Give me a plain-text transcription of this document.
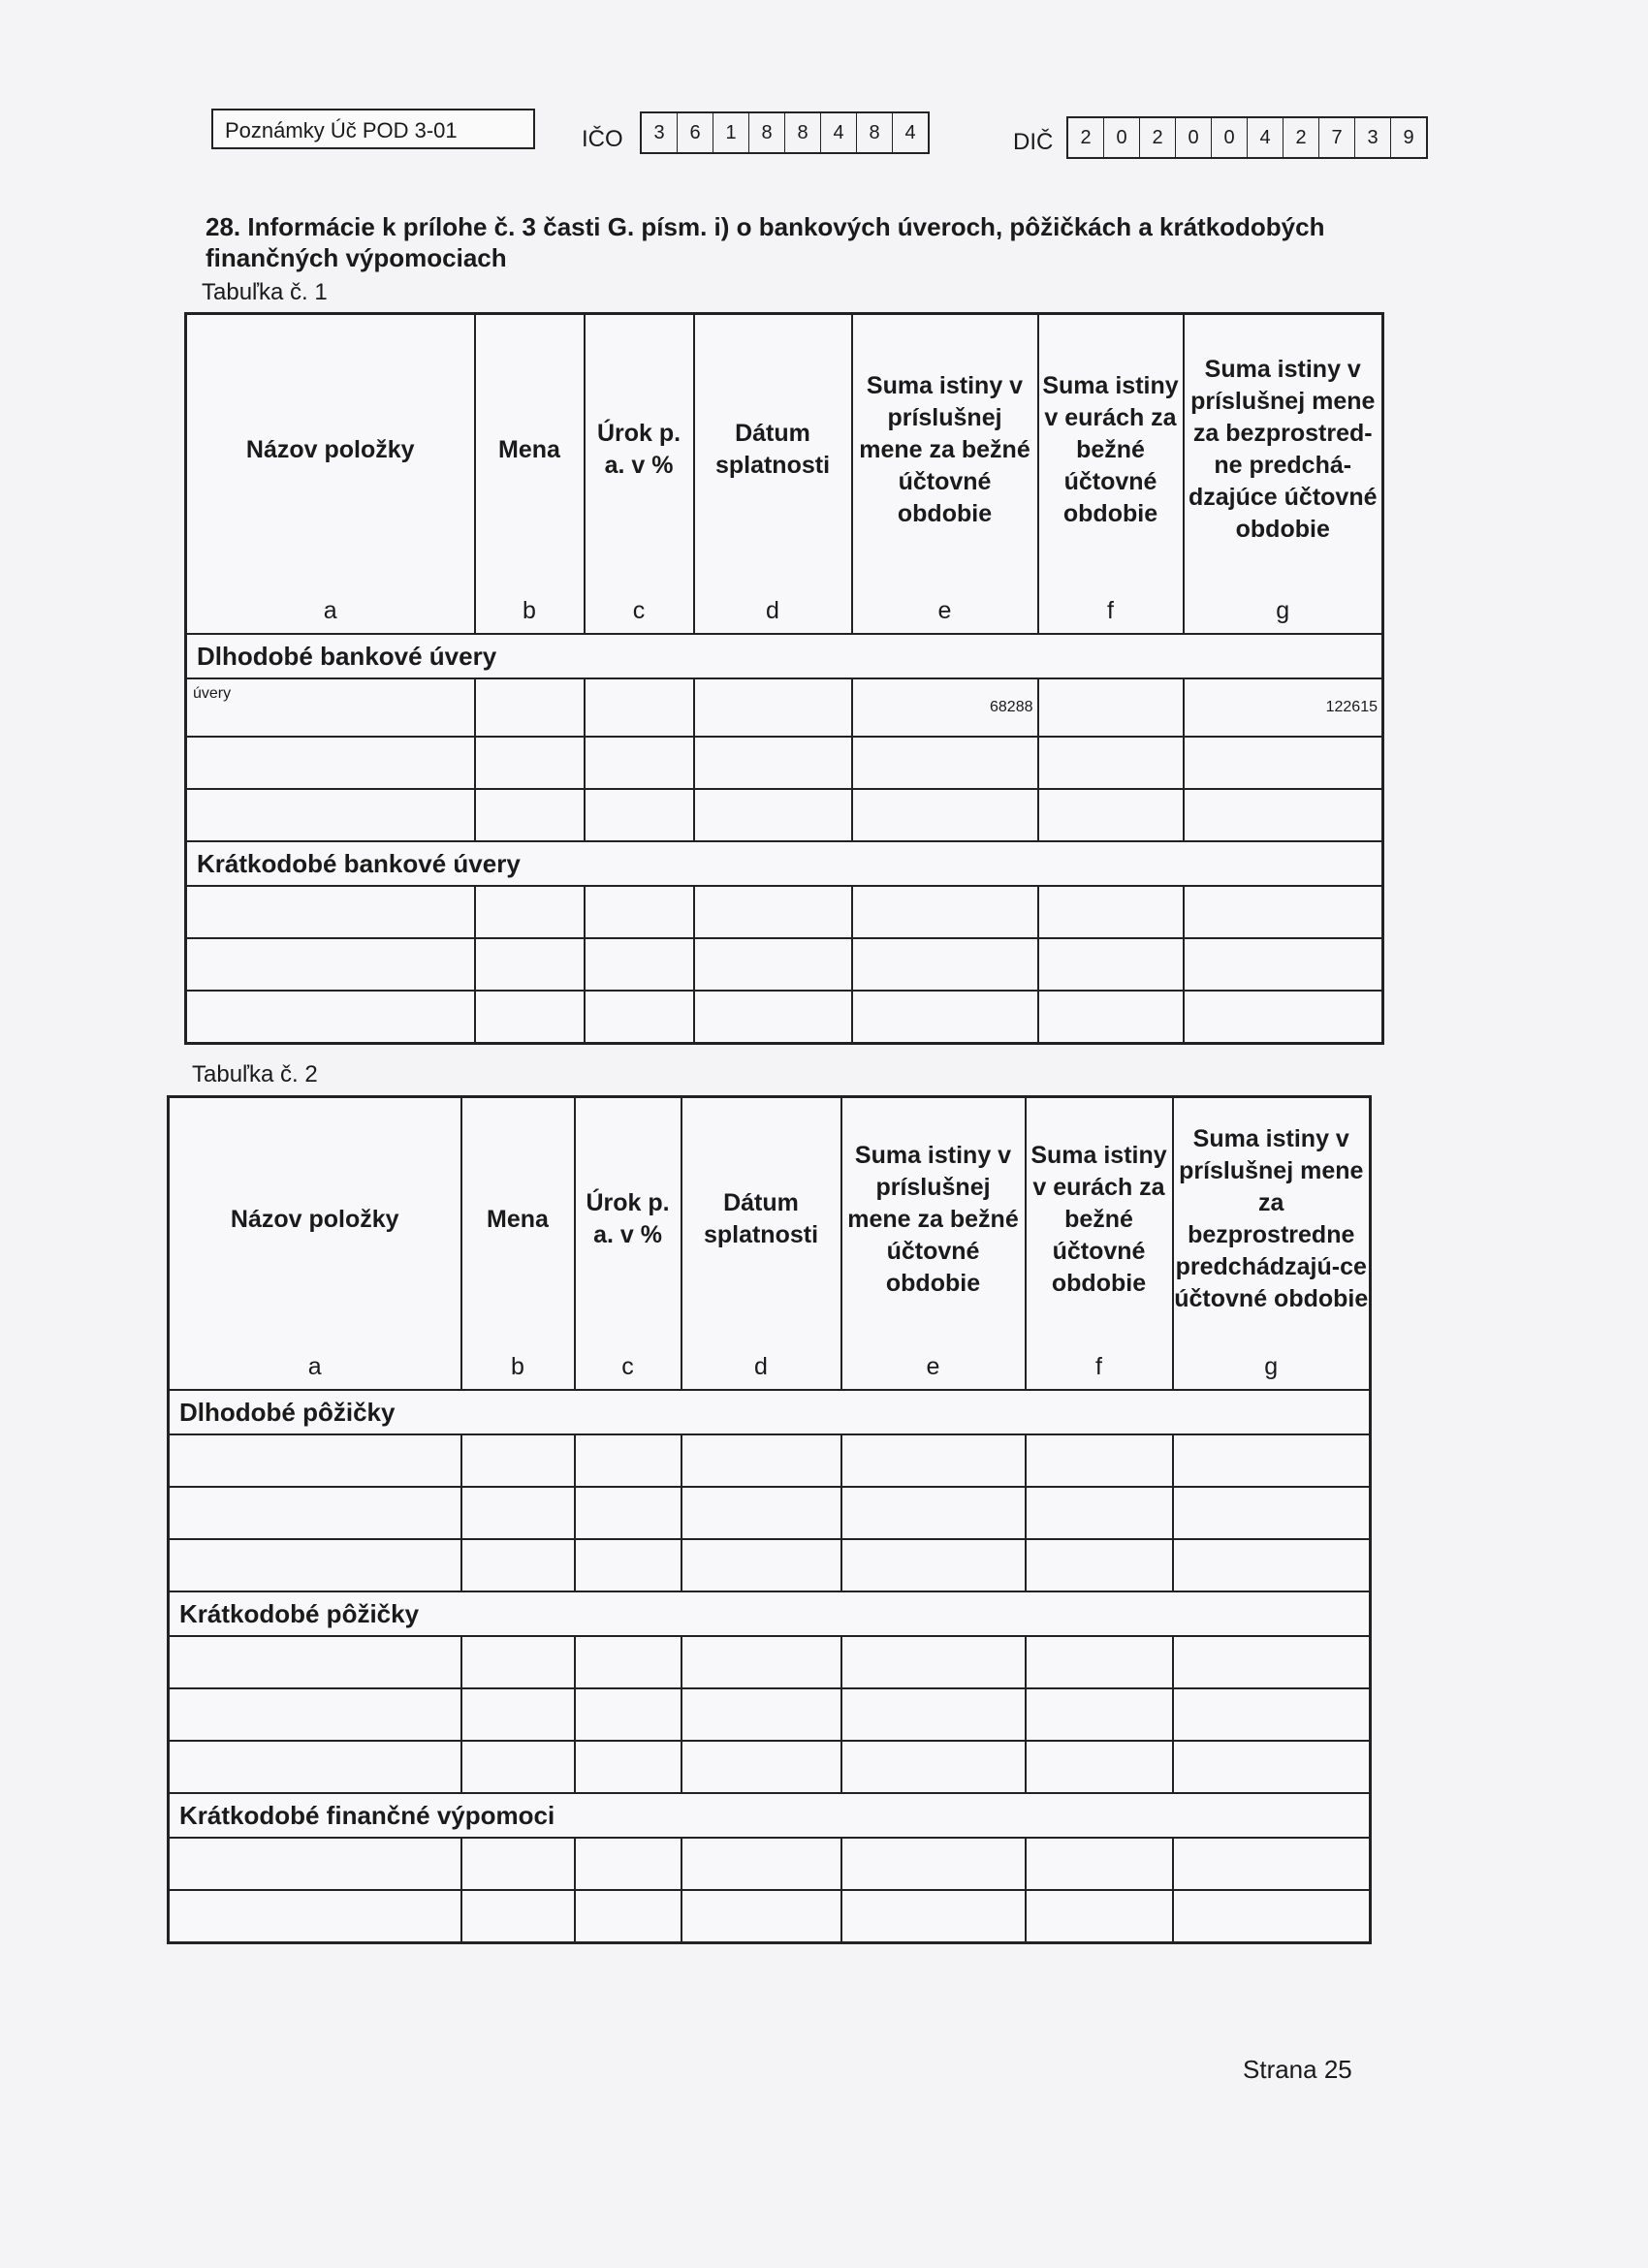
Poznámky Úč POD 3-01	IČO	3	6	1	8	8	4	8	4	DIČ	2	0	2	0	0	4	2	7	3	9
28. Informácie k prílohe č. 3 časti G. písm. i) o bankových úveroch, pôžičkách a krátkodobých finančných výpomociach
Tabuľka č. 1
Názov položky	Mena	Úrok p. a. v %	Dátum splatnosti	Suma istiny v príslušnej mene za bežné účtovné obdobie	Suma istiny v eurách za bežné účtovné obdobie	Suma istiny v príslušnej mene za bezprostred-ne predchá-dzajúce účtovné obdobie
a	b	c	d	e	f	g
Dlhodobé bankové úvery						
úvery				68288		122615

Krátkodobé bankové úvery						

Tabuľka č. 2
Názov položky	Mena	Úrok p. a. v %	Dátum splatnosti	Suma istiny v príslušnej mene za bežné účtovné obdobie	Suma istiny v eurách za bežné účtovné obdobie	Suma istiny v príslušnej mene za bezprostredne predchádzajú-ce účtovné obdobie
a	b	c	d	e	f	g
Dlhodobé pôžičky						

Krátkodobé pôžičky						

Krátkodobé finančné výpomoci						

Strana 25
